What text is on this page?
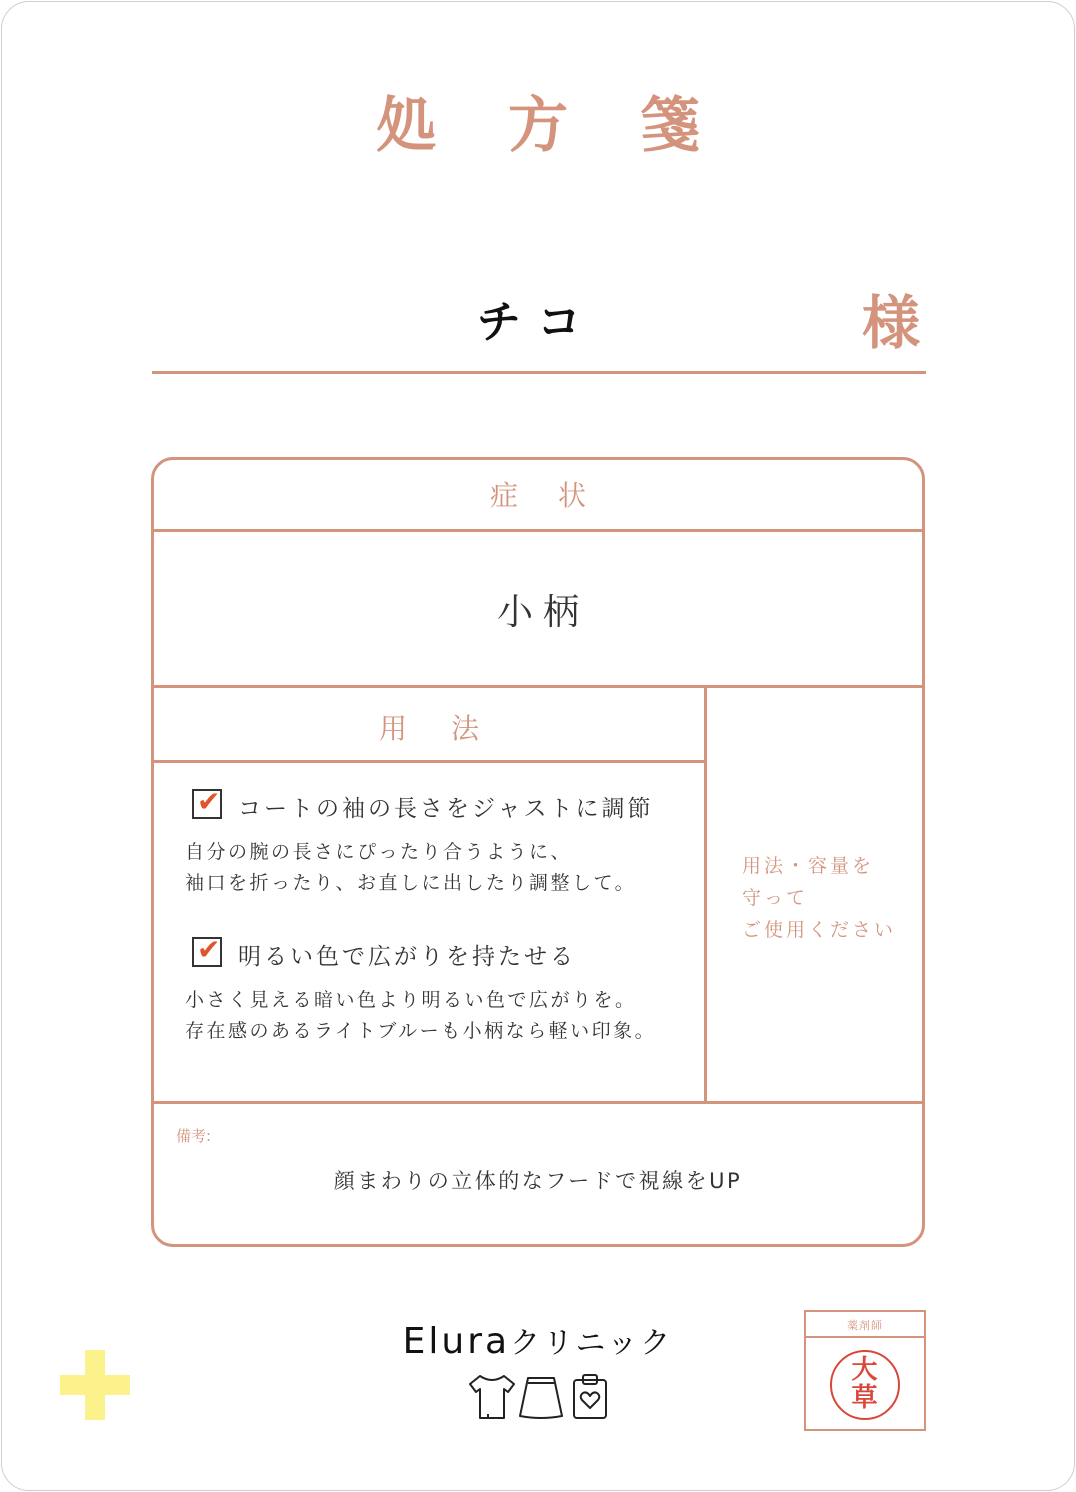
処方箋
チコ	様
症状
小柄
用法
✔ コートの袖の長さをジャストに調節
自分の腕の長さにぴったり合うように、
袖口を折ったり、お直しに出したり調整して。
✔ 明るい色で広がりを持たせる
小さく見える暗い色より明るい色で広がりを。
存在感のあるライトブルーも小柄なら軽い印象。
用法・容量を
守って
ご使用ください
備考:
顔まわりの立体的なフードで視線をUP
Eluraクリニック
薬剤師
大
草
